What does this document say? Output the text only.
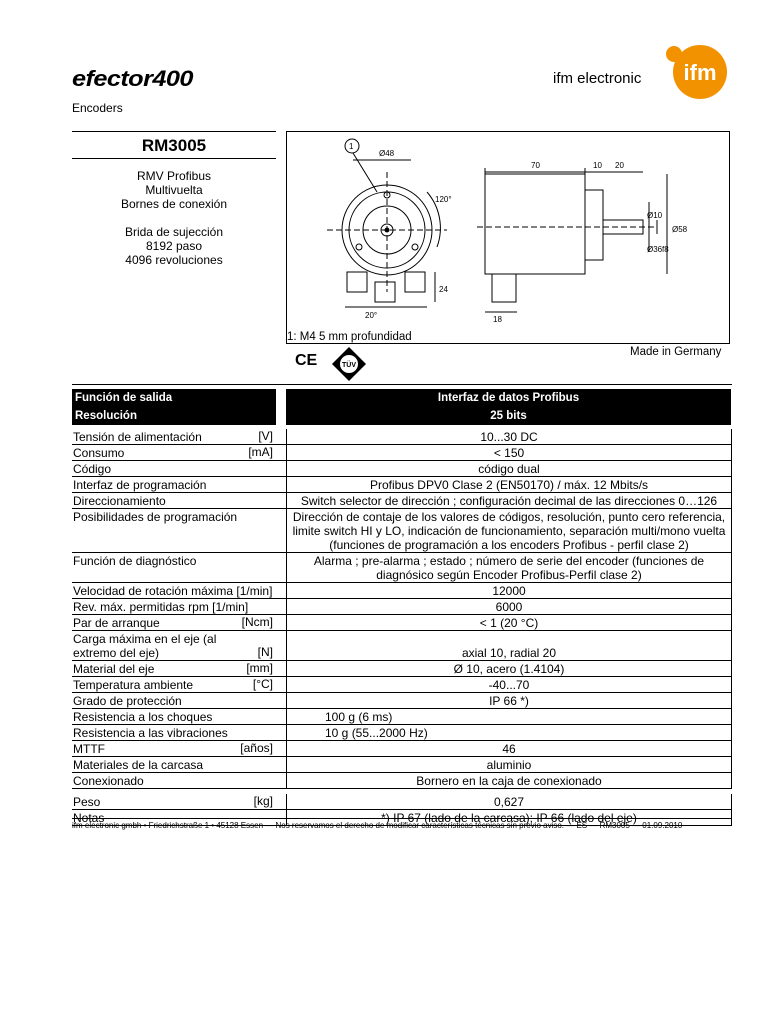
efector400	ifm electronic ifm
Encoders
RM3005
RMV Profibus
Multivuelta
Bornes de conexión
Brida de sujección
8192 paso
4096 revoluciones
1
Ø48
120°
24
20°
70	10 20
Ø10
Ø36 f8
Ø58
18
1: M4 5 mm profundidad
Made in Germany
CE	TÜV
Función de salida	Interfaz de datos Profibus
Resolución	25 bits
Tensión de alimentación	[V]	10...30 DC
Consumo	[mA]	< 150
Código	código dual
Interfaz de programación	Profibus DPV0 Clase 2 (EN50170) / máx. 12 Mbits/s
Direccionamiento	Switch selector de dirección ; configuración decimal de las direcciones 0…126
Posibilidades de programación	Dirección de contaje de los valores de códigos, resolución, punto cero referencia, limite switch HI y LO, indicación de funcionamiento, separación multi/mono vuelta (funciones de programación a los encoders Profibus - perfil clase 2)
Función de diagnóstico	Alarma ; pre-alarma ; estado ; número de serie del encoder (funciones de diagnósico según Encoder Profibus-Perfil clase 2)
Velocidad de rotación máxima [1/min]	12000
Rev. máx. permitidas rpm [1/min]	6000
Par de arranque	[Ncm]	< 1 (20 °C)
Carga máxima en el eje (al extremo del eje)	[N]	axial 10, radial 20
Material del eje	[mm]	Ø 10, acero (1.4104)
Temperatura ambiente	[°C]	-40...70
Grado de protección	IP 66 *)
Resistencia a los choques	100 g (6 ms)
Resistencia a las vibraciones	10 g (55...2000 Hz)
MTTF	[años]	46
Materiales de la carcasa	aluminio
Conexionado	Bornero en la caja de conexionado
Peso	[kg]	0,627
Notas	*) IP 67 (lado de la carcasa); IP 66 (lado del eje)
ifm electronic gmbh • Friedrichstraße 1 • 45128 Essen — Nos reservamos el derecho de modificar características técnicas sin previo aviso. — ES — RM3005 — 01.09.2010
